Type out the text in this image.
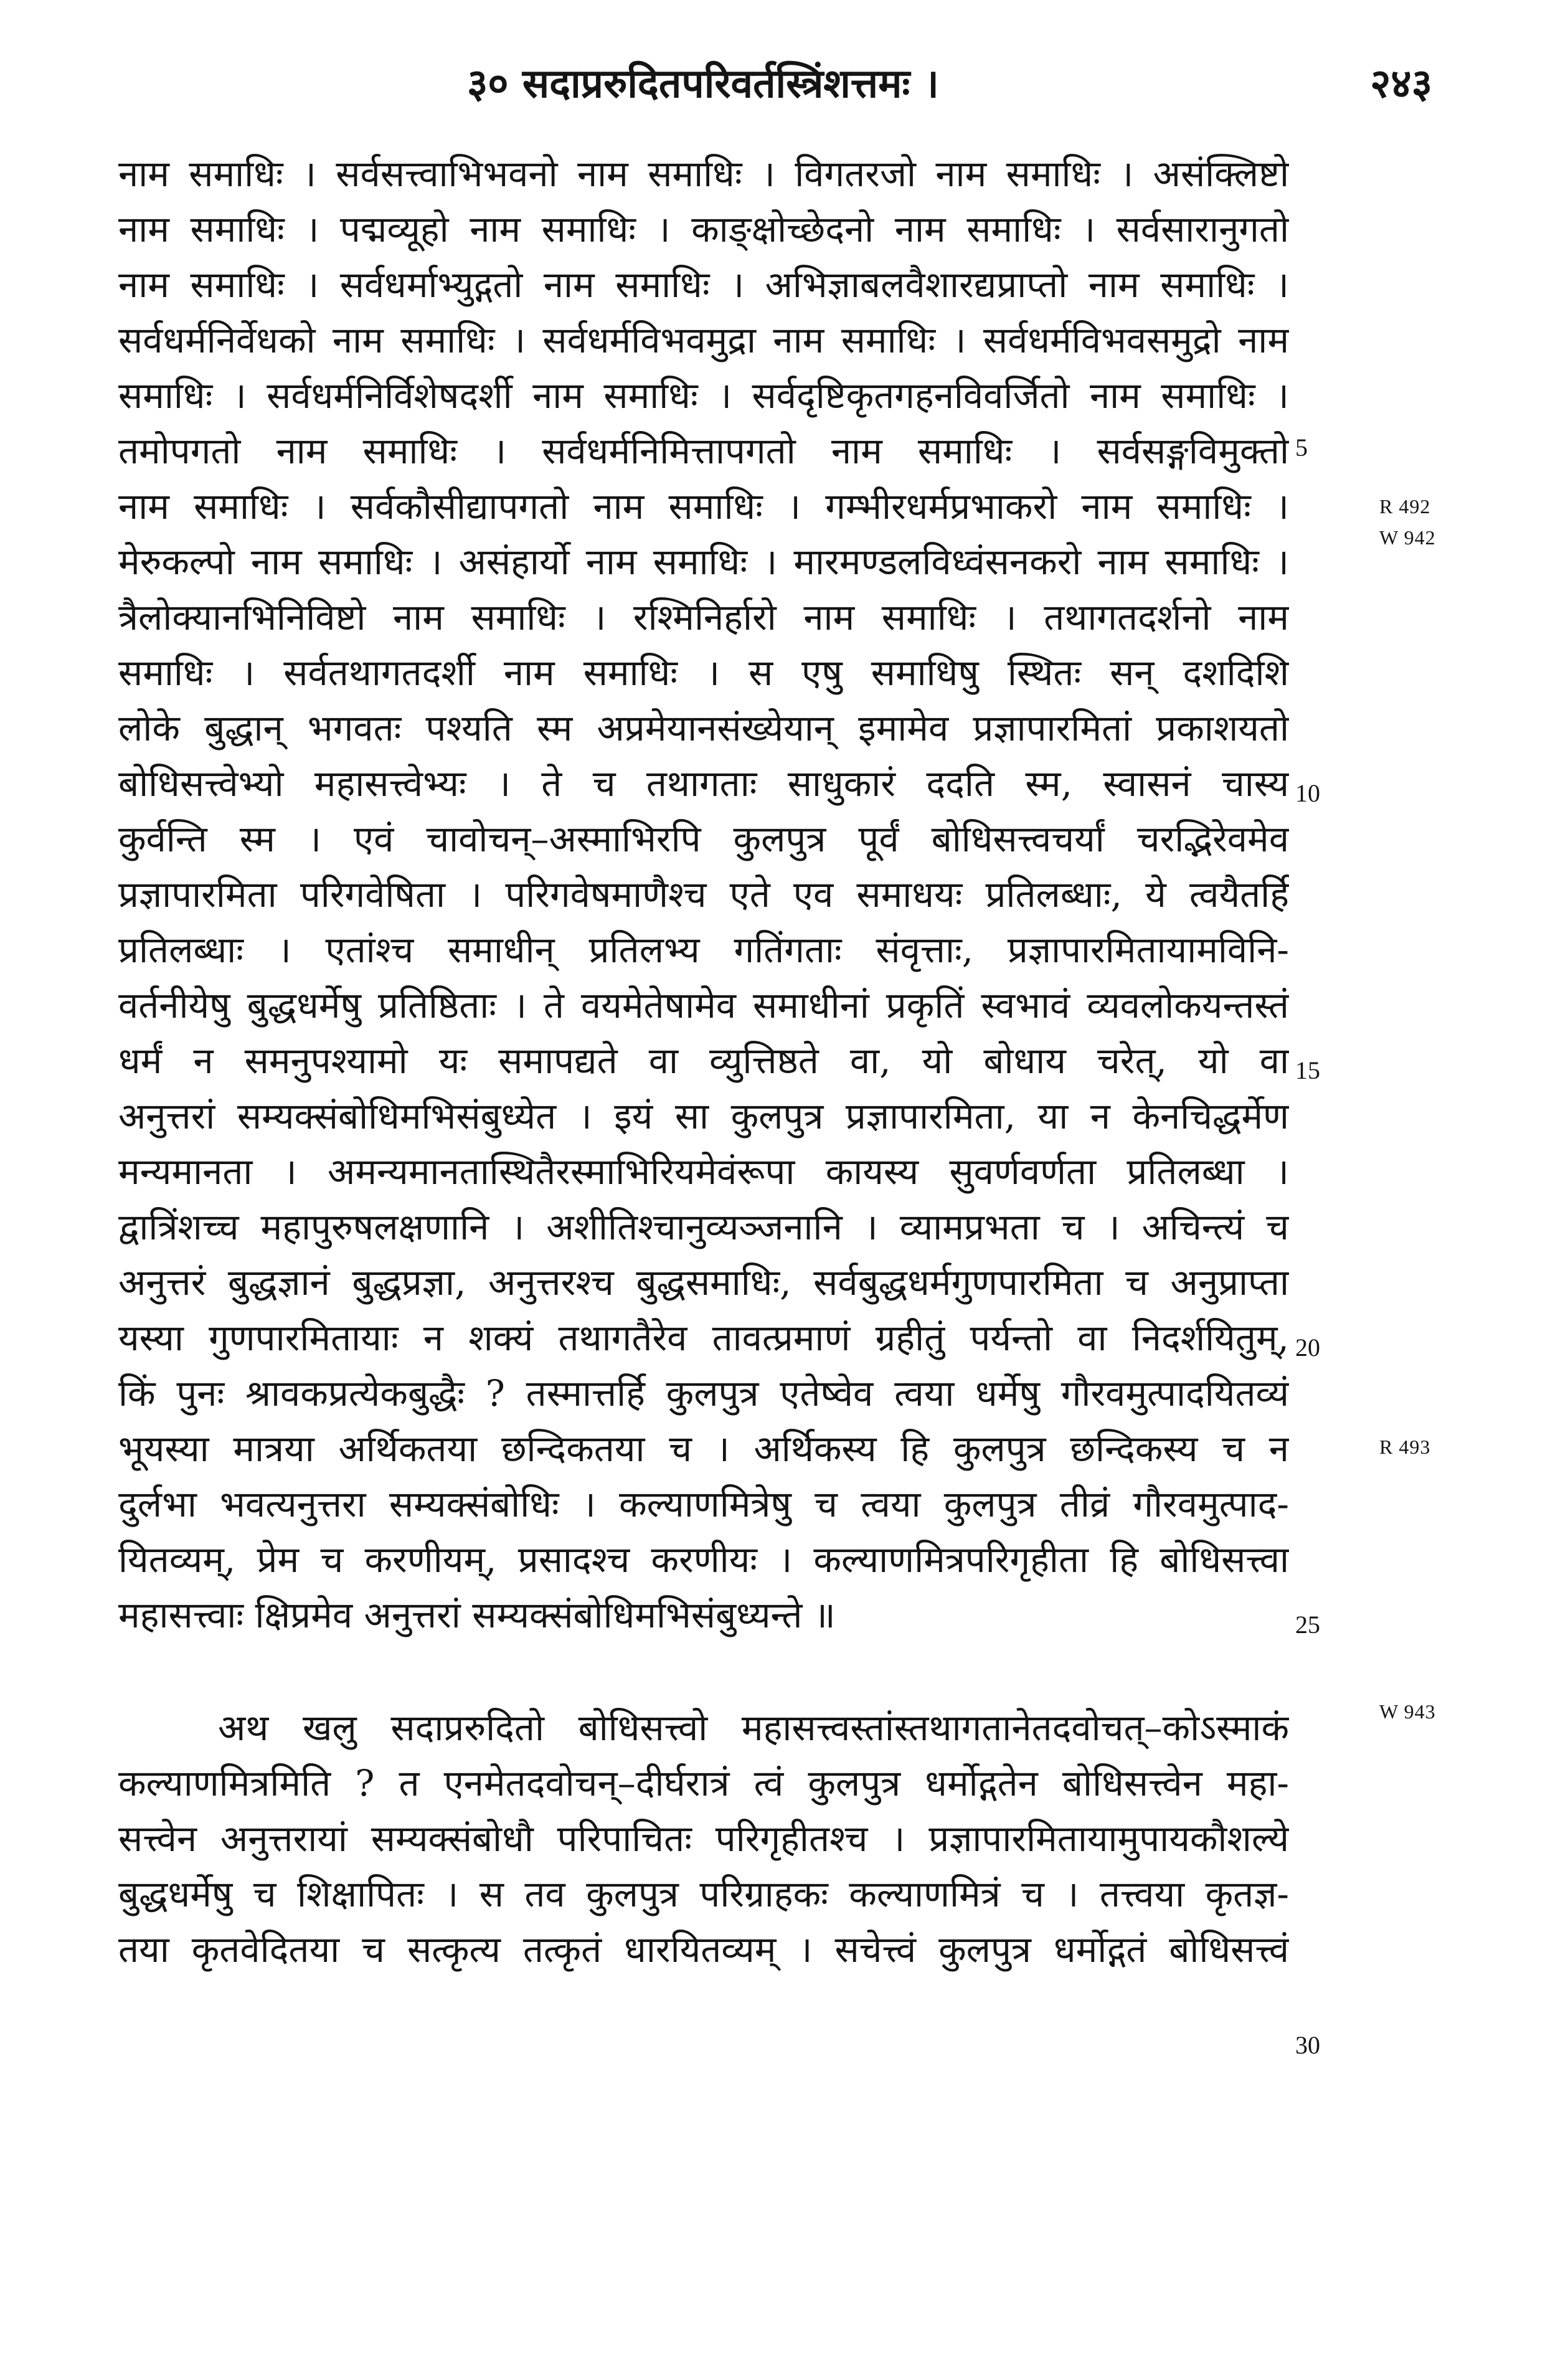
३० सदाप्ररुदितपरिवर्तस्त्रिंशत्तमः ।	२४३
नाम समाधिः । सर्वसत्त्वाभिभवनो नाम समाधिः । विगतरजो नाम समाधिः । असंक्लिष्टो
नाम समाधिः । पद्मव्यूहो नाम समाधिः । काङ्क्षोच्छेदनो नाम समाधिः । सर्वसारानुगतो
नाम समाधिः । सर्वधर्माभ्युद्गतो नाम समाधिः । अभिज्ञाबलवैशारद्यप्राप्तो नाम समाधिः ।
सर्वधर्मनिर्वेधको नाम समाधिः । सर्वधर्मविभवमुद्रा नाम समाधिः । सर्वधर्मविभवसमुद्रो नाम
समाधिः । सर्वधर्मनिर्विशेषदर्शी नाम समाधिः । सर्वदृष्टिकृतगहनविवर्जितो नाम समाधिः ।
तमोपगतो नाम समाधिः । सर्वधर्मनिमित्तापगतो नाम समाधिः । सर्वसङ्गविमुक्तो
नाम समाधिः । सर्वकौसीद्यापगतो नाम समाधिः । गम्भीरधर्मप्रभाकरो नाम समाधिः ।
मेरुकल्पो नाम समाधिः । असंहार्यो नाम समाधिः । मारमण्डलविध्वंसनकरो नाम समाधिः ।
त्रैलोक्यानभिनिविष्टो नाम समाधिः । रश्मिनिर्हारो नाम समाधिः । तथागतदर्शनो नाम
समाधिः । सर्वतथागतदर्शी नाम समाधिः । स एषु समाधिषु स्थितः सन् दशदिशि
लोके बुद्धान् भगवतः पश्यति स्म अप्रमेयानसंख्येयान् इमामेव प्रज्ञापारमितां प्रकाशयतो
बोधिसत्त्वेभ्यो महासत्त्वेभ्यः । ते च तथागताः साधुकारं ददति स्म, स्वासनं चास्य
कुर्वन्ति स्म । एवं चावोचन्–अस्माभिरपि कुलपुत्र पूर्वं बोधिसत्त्वचर्यां चरद्भिरेवमेव
प्रज्ञापारमिता परिगवेषिता । परिगवेषमाणैश्च एते एव समाधयः प्रतिलब्धाः, ये त्वयैतर्हि
प्रतिलब्धाः । एतांश्च समाधीन् प्रतिलभ्य गतिंगताः संवृत्ताः, प्रज्ञापारमितायामविनि-
वर्तनीयेषु बुद्धधर्मेषु प्रतिष्ठिताः । ते वयमेतेषामेव समाधीनां प्रकृतिं स्वभावं व्यवलोकयन्तस्तं
धर्मं न समनुपश्यामो यः समापद्यते वा व्युत्तिष्ठते वा, यो बोधाय चरेत्, यो वा
अनुत्तरां सम्यक्संबोधिमभिसंबुध्येत । इयं सा कुलपुत्र प्रज्ञापारमिता, या न केनचिद्धर्मेण
मन्यमानता । अमन्यमानतास्थितैरस्माभिरियमेवंरूपा कायस्य सुवर्णवर्णता प्रतिलब्धा ।
द्वात्रिंशच्च महापुरुषलक्षणानि । अशीतिश्चानुव्यञ्जनानि । व्यामप्रभता च । अचिन्त्यं च
अनुत्तरं बुद्धज्ञानं बुद्धप्रज्ञा, अनुत्तरश्च बुद्धसमाधिः, सर्वबुद्धधर्मगुणपारमिता च अनुप्राप्ता
यस्या गुणपारमितायाः न शक्यं तथागतैरेव तावत्प्रमाणं ग्रहीतुं पर्यन्तो वा निदर्शयितुम्,
किं पुनः श्रावकप्रत्येकबुद्धैः ? तस्मात्तर्हि कुलपुत्र एतेष्वेव त्वया धर्मेषु गौरवमुत्पादयितव्यं
भूयस्या मात्रया अर्थिकतया छन्दिकतया च । अर्थिकस्य हि कुलपुत्र छन्दिकस्य च न
दुर्लभा भवत्यनुत्तरा सम्यक्संबोधिः । कल्याणमित्रेषु च त्वया कुलपुत्र तीव्रं गौरवमुत्पाद-
यितव्यम्, प्रेम च करणीयम्, प्रसादश्च करणीयः । कल्याणमित्रपरिगृहीता हि बोधिसत्त्वा
महासत्त्वाः क्षिप्रमेव अनुत्तरां सम्यक्संबोधिमभिसंबुध्यन्ते ॥
अथ खलु सदाप्ररुदितो बोधिसत्त्वो महासत्त्वस्तांस्तथागतानेतदवोचत्–कोऽस्माकं
कल्याणमित्रमिति ? त एनमेतदवोचन्–दीर्घरात्रं त्वं कुलपुत्र धर्मोद्गतेन बोधिसत्त्वेन महा-
सत्त्वेन अनुत्तरायां सम्यक्संबोधौ परिपाचितः परिगृहीतश्च । प्रज्ञापारमितायामुपायकौशल्ये
बुद्धधर्मेषु च शिक्षापितः । स तव कुलपुत्र परिग्राहकः कल्याणमित्रं च । तत्त्वया कृतज्ञ-
तया कृतवेदितया च सत्कृत्य तत्कृतं धारयितव्यम् । सचेत्त्वं कुलपुत्र धर्मोद्गतं बोधिसत्त्वं
5
10
15
20
25
30
R 492
W 942
R 493
W 943
